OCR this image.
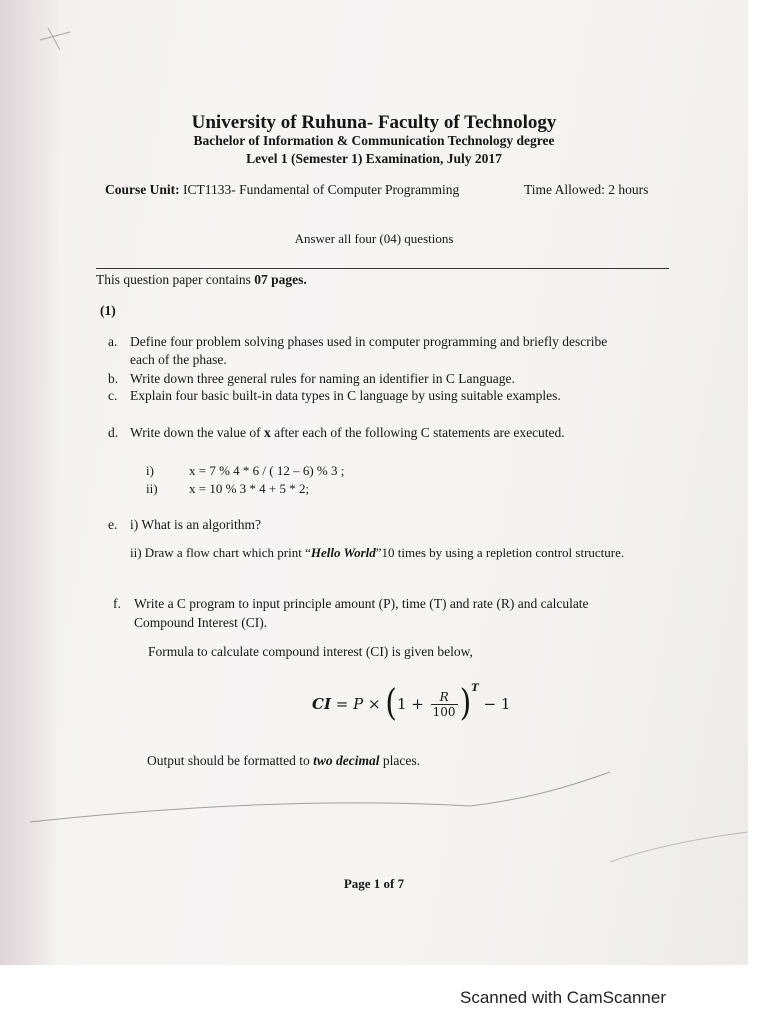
University of Ruhuna- Faculty of Technology
Bachelor of Information & Communication Technology degree
Level 1 (Semester 1) Examination, July 2017
Course Unit: ICT1133- Fundamental of Computer Programming	Time Allowed: 2 hours
Answer all four (04) questions
This question paper contains 07 pages.
(1)
a. Define four problem solving phases used in computer programming and briefly describe
each of the phase.
b. Write down three general rules for naming an identifier in C Language.
c. Explain four basic built-in data types in C language by using suitable examples.
d. Write down the value of x after each of the following C statements are executed.
i)	x = 7 % 4 * 6 / ( 12 – 6) % 3 ;
ii) x = 10 % 3 * 4 + 5 * 2;
e. i) What is an algorithm?
ii) Draw a flow chart which print “Hello World”10 times by using a repletion control structure.
f. Write a C program to input principle amount (P), time (T) and rate (R) and calculate
Compound Interest (CI).
Formula to calculate compound interest (CI) is given below,
CI = P × ( $1 + \frac{R}{100}$ ) T
− 1
Output should be formatted to two decimal places.
Page 1 of 7
Scanned with CamScanner
